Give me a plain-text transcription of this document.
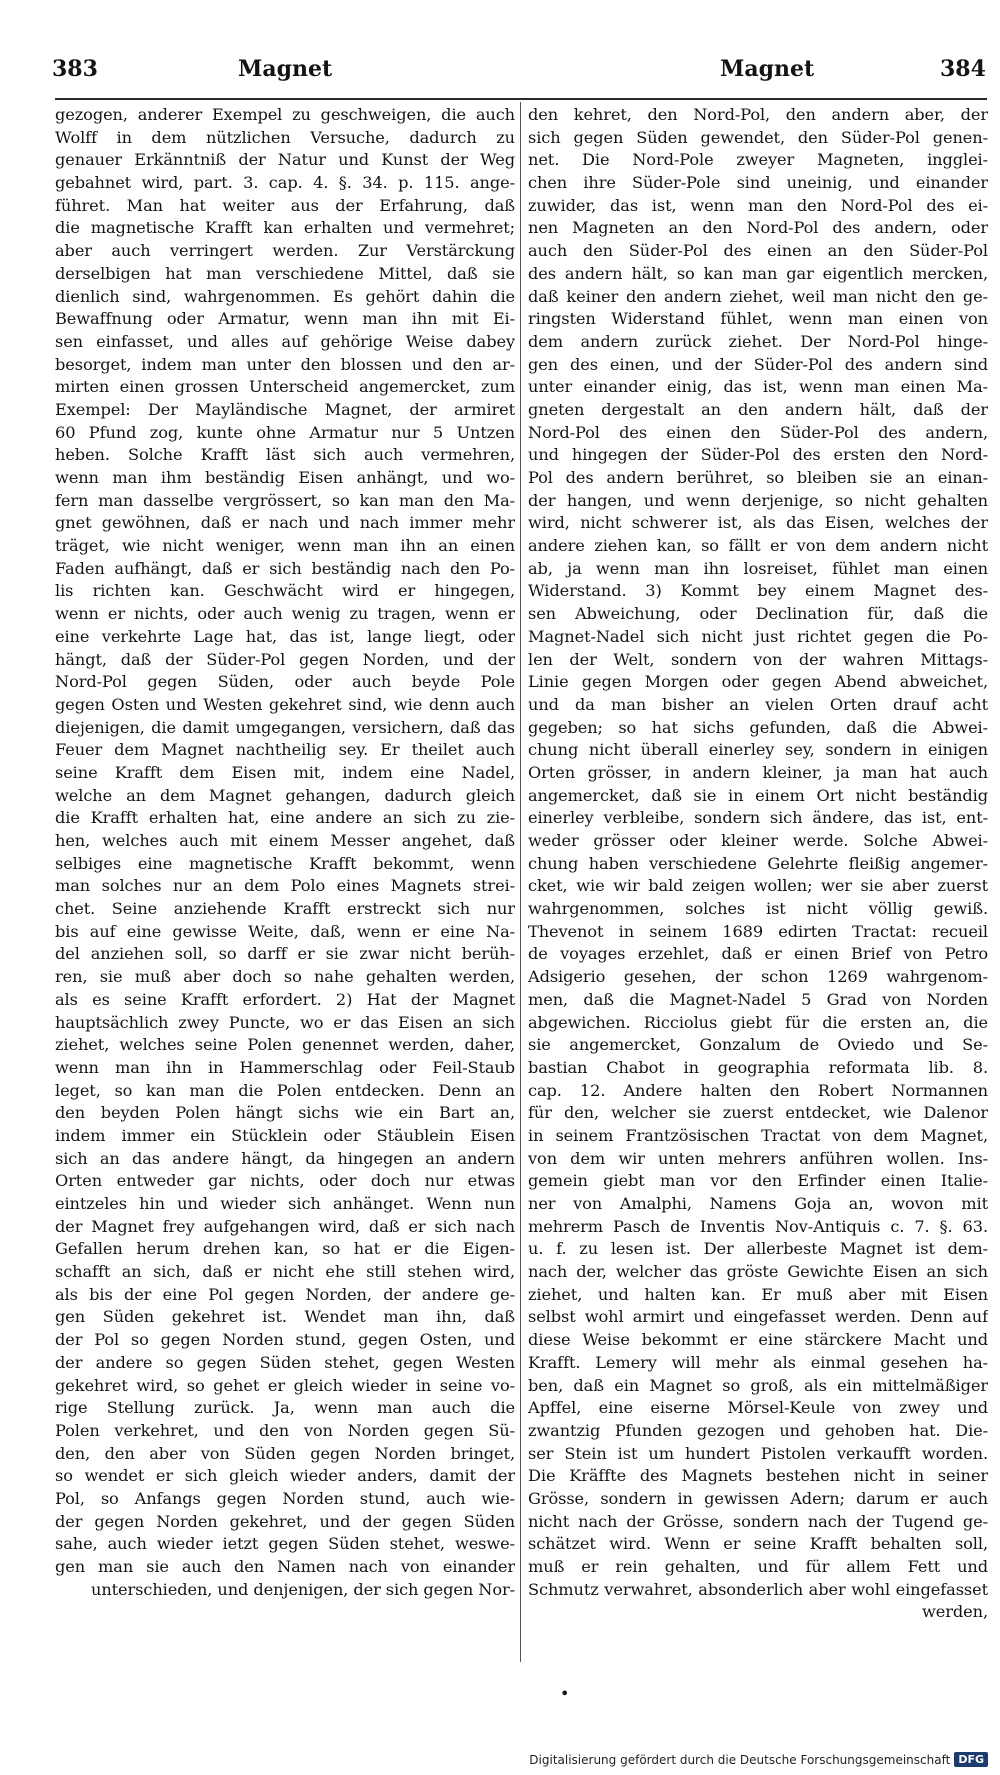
383	Magnet	Magnet	384
gezogen, anderer Exempel zu geschweigen, die auch
Wolff in dem nützlichen Versuche, dadurch zu
genauer Erkänntniß der Natur und Kunst der Weg
gebahnet wird, part. 3. cap. 4. §. 34. p. 115. ange-
führet. Man hat weiter aus der Erfahrung, daß
die magnetische Krafft kan erhalten und vermehret;
aber auch verringert werden. Zur Verstärckung
derselbigen hat man verschiedene Mittel, daß sie
dienlich sind, wahrgenommen. Es gehört dahin die
Bewaffnung oder Armatur, wenn man ihn mit Ei-
sen einfasset, und alles auf gehörige Weise dabey
besorget, indem man unter den blossen und den ar-
mirten einen grossen Unterscheid angemercket, zum
Exempel: Der Mayländische Magnet, der armiret
60 Pfund zog, kunte ohne Armatur nur 5 Untzen
heben. Solche Krafft läst sich auch vermehren,
wenn man ihm beständig Eisen anhängt, und wo-
fern man dasselbe vergrössert, so kan man den Ma-
gnet gewöhnen, daß er nach und nach immer mehr
träget, wie nicht weniger, wenn man ihn an einen
Faden aufhängt, daß er sich beständig nach den Po-
lis richten kan. Geschwächt wird er hingegen,
wenn er nichts, oder auch wenig zu tragen, wenn er
eine verkehrte Lage hat, das ist, lange liegt, oder
hängt, daß der Süder-Pol gegen Norden, und der
Nord-Pol gegen Süden, oder auch beyde Pole
gegen Osten und Westen gekehret sind, wie denn auch
diejenigen, die damit umgegangen, versichern, daß das
Feuer dem Magnet nachtheilig sey. Er theilet auch
seine Krafft dem Eisen mit, indem eine Nadel,
welche an dem Magnet gehangen, dadurch gleich
die Krafft erhalten hat, eine andere an sich zu zie-
hen, welches auch mit einem Messer angehet, daß
selbiges eine magnetische Krafft bekommt, wenn
man solches nur an dem Polo eines Magnets strei-
chet. Seine anziehende Krafft erstreckt sich nur
bis auf eine gewisse Weite, daß, wenn er eine Na-
del anziehen soll, so darff er sie zwar nicht berüh-
ren, sie muß aber doch so nahe gehalten werden,
als es seine Krafft erfordert. 2) Hat der Magnet
hauptsächlich zwey Puncte, wo er das Eisen an sich
ziehet, welches seine Polen genennet werden, daher,
wenn man ihn in Hammerschlag oder Feil-Staub
leget, so kan man die Polen entdecken. Denn an
den beyden Polen hängt sichs wie ein Bart an,
indem immer ein Stücklein oder Stäublein Eisen
sich an das andere hängt, da hingegen an andern
Orten entweder gar nichts, oder doch nur etwas
eintzeles hin und wieder sich anhänget. Wenn nun
der Magnet frey aufgehangen wird, daß er sich nach
Gefallen herum drehen kan, so hat er die Eigen-
schafft an sich, daß er nicht ehe still stehen wird,
als bis der eine Pol gegen Norden, der andere ge-
gen Süden gekehret ist. Wendet man ihn, daß
der Pol so gegen Norden stund, gegen Osten, und
der andere so gegen Süden stehet, gegen Westen
gekehret wird, so gehet er gleich wieder in seine vo-
rige Stellung zurück. Ja, wenn man auch die
Polen verkehret, und den von Norden gegen Sü-
den, den aber von Süden gegen Norden bringet,
so wendet er sich gleich wieder anders, damit der
Pol, so Anfangs gegen Norden stund, auch wie-
der gegen Norden gekehret, und der gegen Süden
sahe, auch wieder ietzt gegen Süden stehet, weswe-
gen man sie auch den Namen nach von einander
unterschieden, und denjenigen, der sich gegen Nor-
den kehret, den Nord-Pol, den andern aber, der
sich gegen Süden gewendet, den Süder-Pol genen-
net. Die Nord-Pole zweyer Magneten, ingglei-
chen ihre Süder-Pole sind uneinig, und einander
zuwider, das ist, wenn man den Nord-Pol des ei-
nen Magneten an den Nord-Pol des andern, oder
auch den Süder-Pol des einen an den Süder-Pol
des andern hält, so kan man gar eigentlich mercken,
daß keiner den andern ziehet, weil man nicht den ge-
ringsten Widerstand fühlet, wenn man einen von
dem andern zurück ziehet. Der Nord-Pol hinge-
gen des einen, und der Süder-Pol des andern sind
unter einander einig, das ist, wenn man einen Ma-
gneten dergestalt an den andern hält, daß der
Nord-Pol des einen den Süder-Pol des andern,
und hingegen der Süder-Pol des ersten den Nord-
Pol des andern berühret, so bleiben sie an einan-
der hangen, und wenn derjenige, so nicht gehalten
wird, nicht schwerer ist, als das Eisen, welches der
andere ziehen kan, so fällt er von dem andern nicht
ab, ja wenn man ihn losreiset, fühlet man einen
Widerstand. 3) Kommt bey einem Magnet des-
sen Abweichung, oder Declination für, daß die
Magnet-Nadel sich nicht just richtet gegen die Po-
len der Welt, sondern von der wahren Mittags-
Linie gegen Morgen oder gegen Abend abweichet,
und da man bisher an vielen Orten drauf acht
gegeben; so hat sichs gefunden, daß die Abwei-
chung nicht überall einerley sey, sondern in einigen
Orten grösser, in andern kleiner, ja man hat auch
angemercket, daß sie in einem Ort nicht beständig
einerley verbleibe, sondern sich ändere, das ist, ent-
weder grösser oder kleiner werde. Solche Abwei-
chung haben verschiedene Gelehrte fleißig angemer-
cket, wie wir bald zeigen wollen; wer sie aber zuerst
wahrgenommen, solches ist nicht völlig gewiß.
Thevenot in seinem 1689 edirten Tractat: recueil
de voyages erzehlet, daß er einen Brief von Petro
Adsigerio gesehen, der schon 1269 wahrgenom-
men, daß die Magnet-Nadel 5 Grad von Norden
abgewichen. Ricciolus giebt für die ersten an, die
sie angemercket, Gonzalum de Oviedo und Se-
bastian Chabot in geographia reformata lib. 8.
cap. 12. Andere halten den Robert Normannen
für den, welcher sie zuerst entdecket, wie Dalenor
in seinem Frantzösischen Tractat von dem Magnet,
von dem wir unten mehrers anführen wollen. Ins-
gemein giebt man vor den Erfinder einen Italie-
ner von Amalphi, Namens Goja an, wovon mit
mehrerm Pasch de Inventis Nov-Antiquis c. 7. §. 63.
u. f. zu lesen ist. Der allerbeste Magnet ist dem-
nach der, welcher das gröste Gewichte Eisen an sich
ziehet, und halten kan. Er muß aber mit Eisen
selbst wohl armirt und eingefasset werden. Denn auf
diese Weise bekommt er eine stärckere Macht und
Krafft. Lemery will mehr als einmal gesehen ha-
ben, daß ein Magnet so groß, als ein mittelmäßiger
Apffel, eine eiserne Mörsel-Keule von zwey und
zwantzig Pfunden gezogen und gehoben hat. Die-
ser Stein ist um hundert Pistolen verkaufft worden.
Die Kräffte des Magnets bestehen nicht in seiner
Grösse, sondern in gewissen Adern; darum er auch
nicht nach der Grösse, sondern nach der Tugend ge-
schätzet wird. Wenn er seine Krafft behalten soll,
muß er rein gehalten, und für allem Fett und
Schmutz verwahret, absonderlich aber wohl eingefasset
werden,
•
Digitalisierung gefördert durch die Deutsche Forschungsgemeinschaft DFG
